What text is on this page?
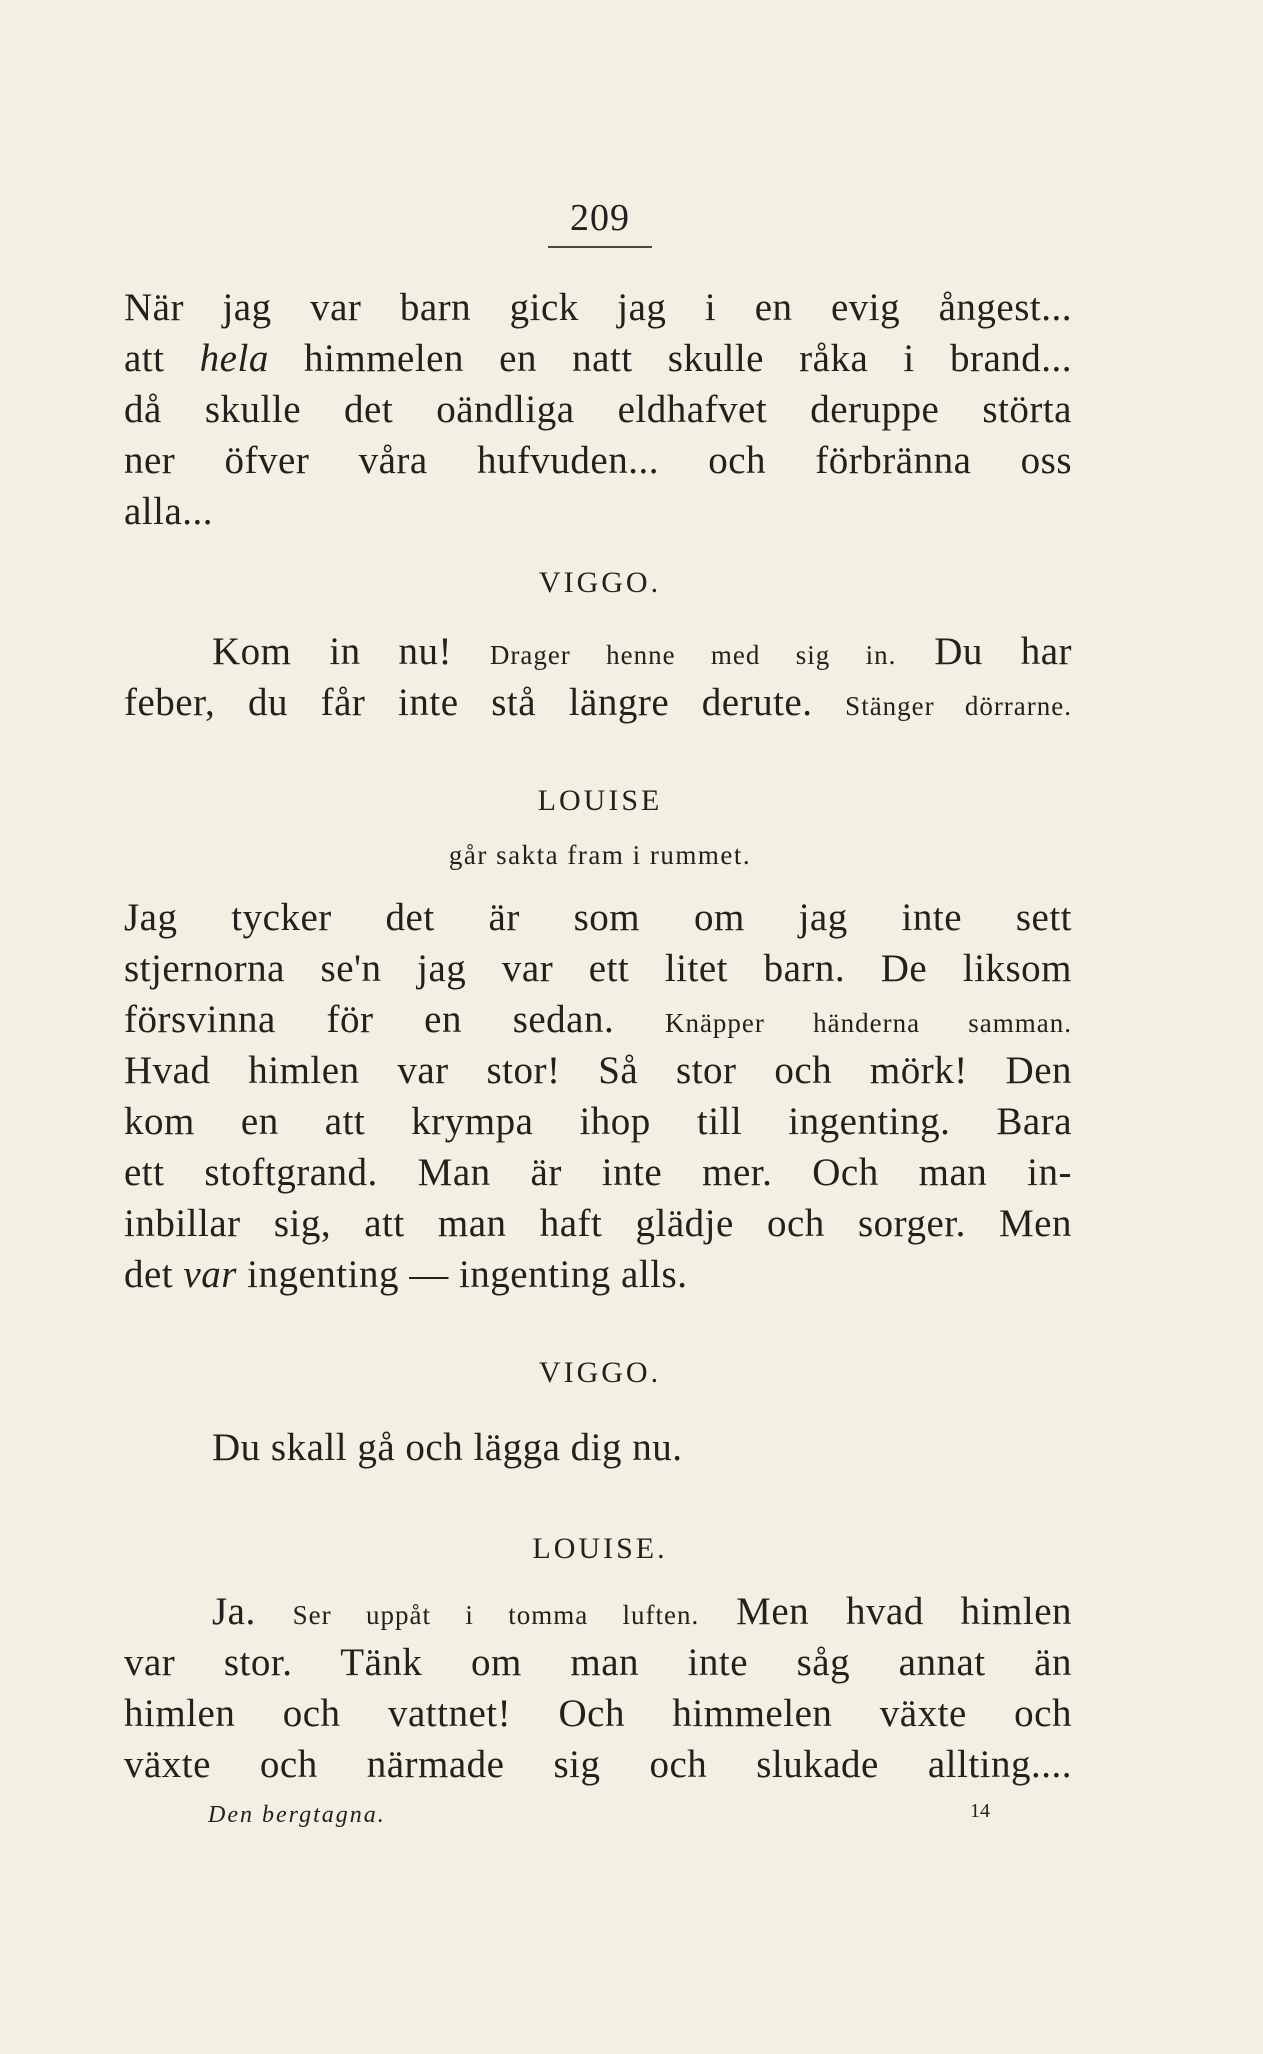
209
När jag var barn gick jag i en evig ångest...
att hela himmelen en natt skulle råka i brand...
då skulle det oändliga eldhafvet deruppe störta
ner öfver våra hufvuden... och förbränna oss
alla...
VIGGO.
Kom in nu! Drager henne med sig in. Du har
feber, du får inte stå längre derute. Stänger dörrarne.
LOUISE
går sakta fram i rummet.
Jag tycker det är som om jag inte sett
stjernorna se'n jag var ett litet barn. De liksom
försvinna för en sedan. Knäpper händerna samman.
Hvad himlen var stor! Så stor och mörk! Den
kom en att krympa ihop till ingenting. Bara
ett stoftgrand. Man är inte mer. Och man in-
inbillar sig, att man haft glädje och sorger. Men
det var ingenting — ingenting alls.
VIGGO.
Du skall gå och lägga dig nu.
LOUISE.
Ja. Ser uppåt i tomma luften. Men hvad himlen
var stor. Tänk om man inte såg annat än
himlen och vattnet! Och himmelen växte och
växte och närmade sig och slukade allting....
Den bergtagna.	14
